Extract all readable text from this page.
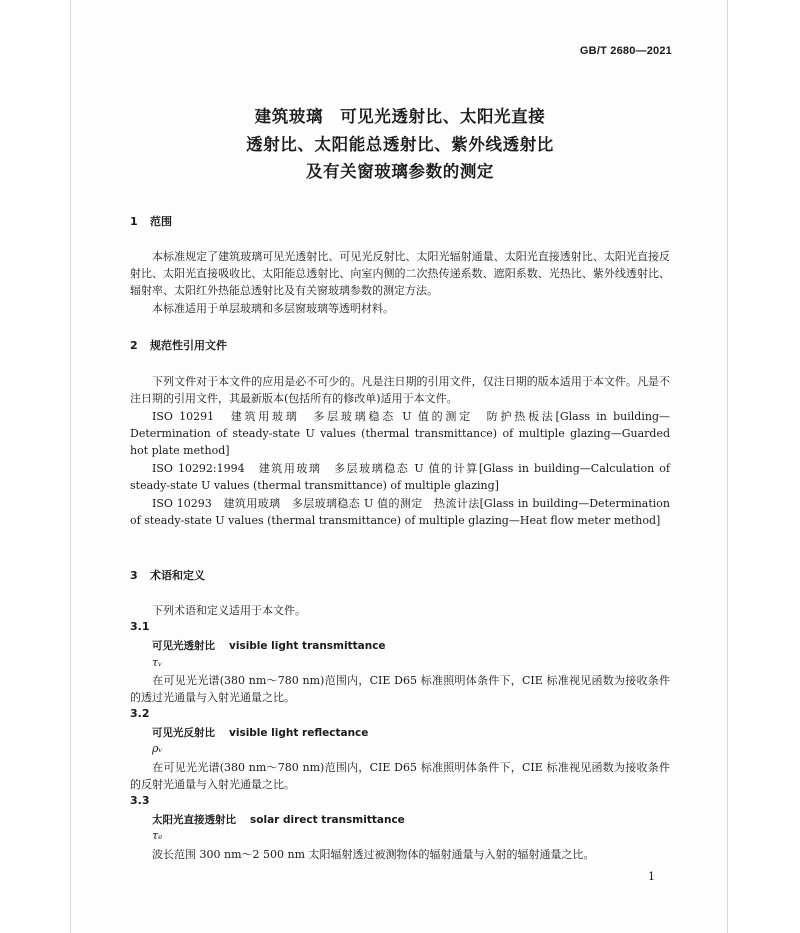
GB/T 2680—2021
建筑玻璃　可见光透射比、太阳光直接
透射比、太阳能总透射比、紫外线透射比
及有关窗玻璃参数的测定
1 范围
本标准规定了建筑玻璃可见光透射比、可见光反射比、太阳光辐射通量、太阳光直接透射比、太阳光直接反射比、太阳光直接吸收比、太阳能总透射比、向室内侧的二次热传递系数、遮阳系数、光热比、紫外线透射比、辐射率、太阳红外热能总透射比及有关窗玻璃参数的测定方法。
本标准适用于单层玻璃和多层窗玻璃等透明材料。
2 规范性引用文件
下列文件对于本文件的应用是必不可少的。凡是注日期的引用文件，仅注日期的版本适用于本文件。凡是不注日期的引用文件，其最新版本(包括所有的修改单)适用于本文件。
ISO 10291　建筑用玻璃　多层玻璃稳态 U 值的测定　防护热板法[Glass in building—Determination of steady-state U values (thermal transmittance) of multiple glazing—Guarded hot plate method]
ISO 10292:1994　建筑用玻璃　多层玻璃稳态 U 值的计算[Glass in building—Calculation of steady-state U values (thermal transmittance) of multiple glazing]
ISO 10293　建筑用玻璃　多层玻璃稳态 U 值的测定　热流计法[Glass in building—Determination of steady-state U values (thermal transmittance) of multiple glazing—Heat flow meter method]
3 术语和定义
下列术语和定义适用于本文件。
3.1
可见光透射比 visible light transmittance
τᵥ
在可见光光谱(380 nm～780 nm)范围内，CIE D65 标准照明体条件下，CIE 标准视见函数为接收条件的透过光通量与入射光通量之比。
3.2
可见光反射比 visible light reflectance
ρᵥ
在可见光光谱(380 nm～780 nm)范围内，CIE D65 标准照明体条件下，CIE 标准视见函数为接收条件的反射光通量与入射光通量之比。
3.3
太阳光直接透射比 solar direct transmittance
τₑ
波长范围 300 nm～2 500 nm 太阳辐射透过被测物体的辐射通量与入射的辐射通量之比。
1
